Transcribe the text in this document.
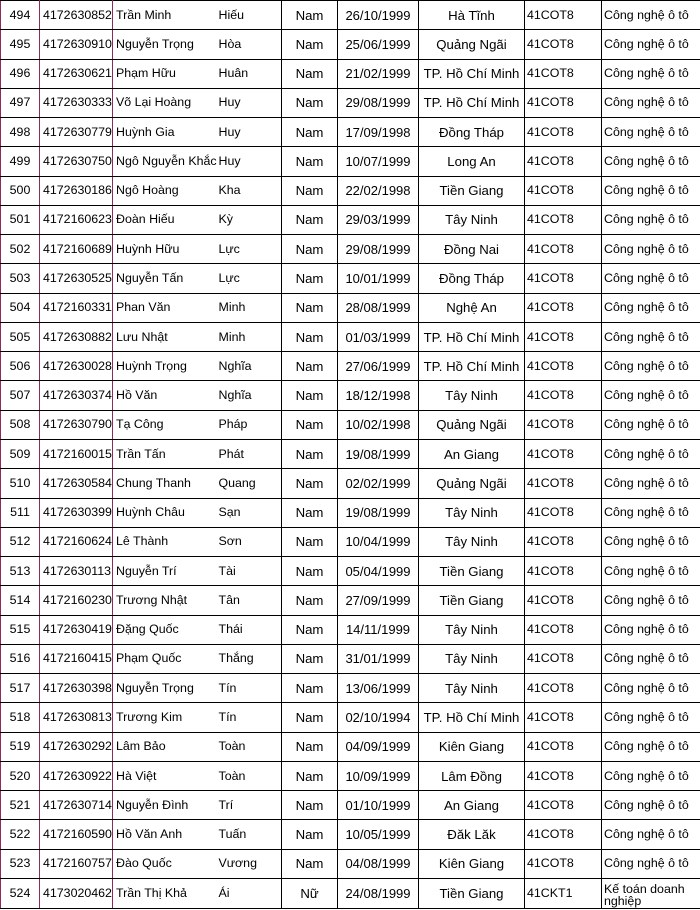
494	4172630852	Trần Minh	Hiếu	Nam	26/10/1999	Hà Tĩnh	41COT8	Công nghệ ô tô
495	4172630910	Nguyễn Trọng	Hòa	Nam	25/06/1999	Quảng Ngãi	41COT8	Công nghệ ô tô
496	4172630621	Phạm Hữu	Huân	Nam	21/02/1999	TP. Hồ Chí Minh	41COT8	Công nghệ ô tô
497	4172630333	Võ Lại Hoàng	Huy	Nam	29/08/1999	TP. Hồ Chí Minh	41COT8	Công nghệ ô tô
498	4172630779	Huỳnh Gia	Huy	Nam	17/09/1998	Đồng Tháp	41COT8	Công nghệ ô tô
499	4172630750	Ngô Nguyễn Khắc	Huy	Nam	10/07/1999	Long An	41COT8	Công nghệ ô tô
500	4172630186	Ngô Hoàng	Kha	Nam	22/02/1998	Tiền Giang	41COT8	Công nghệ ô tô
501	4172160623	Đoàn Hiếu	Kỳ	Nam	29/03/1999	Tây Ninh	41COT8	Công nghệ ô tô
502	4172160689	Huỳnh Hữu	Lực	Nam	29/08/1999	Đồng Nai	41COT8	Công nghệ ô tô
503	4172630525	Nguyễn Tấn	Lực	Nam	10/01/1999	Đồng Tháp	41COT8	Công nghệ ô tô
504	4172160331	Phan Văn	Minh	Nam	28/08/1999	Nghệ An	41COT8	Công nghệ ô tô
505	4172630882	Lưu Nhật	Minh	Nam	01/03/1999	TP. Hồ Chí Minh	41COT8	Công nghệ ô tô
506	4172630028	Huỳnh Trọng	Nghĩa	Nam	27/06/1999	TP. Hồ Chí Minh	41COT8	Công nghệ ô tô
507	4172630374	Hồ Văn	Nghĩa	Nam	18/12/1998	Tây Ninh	41COT8	Công nghệ ô tô
508	4172630790	Tạ Công	Pháp	Nam	10/02/1998	Quảng Ngãi	41COT8	Công nghệ ô tô
509	4172160015	Trần Tấn	Phát	Nam	19/08/1999	An Giang	41COT8	Công nghệ ô tô
510	4172630584	Chung Thanh	Quang	Nam	02/02/1999	Quảng Ngãi	41COT8	Công nghệ ô tô
511	4172630399	Huỳnh Châu	Sạn	Nam	19/08/1999	Tây Ninh	41COT8	Công nghệ ô tô
512	4172160624	Lê Thành	Sơn	Nam	10/04/1999	Tây Ninh	41COT8	Công nghệ ô tô
513	4172630113	Nguyễn Trí	Tài	Nam	05/04/1999	Tiền Giang	41COT8	Công nghệ ô tô
514	4172160230	Trương Nhật	Tân	Nam	27/09/1999	Tiền Giang	41COT8	Công nghệ ô tô
515	4172630419	Đặng Quốc	Thái	Nam	14/11/1999	Tây Ninh	41COT8	Công nghệ ô tô
516	4172160415	Phạm Quốc	Thắng	Nam	31/01/1999	Tây Ninh	41COT8	Công nghệ ô tô
517	4172630398	Nguyễn Trọng	Tín	Nam	13/06/1999	Tây Ninh	41COT8	Công nghệ ô tô
518	4172630813	Trương Kim	Tín	Nam	02/10/1994	TP. Hồ Chí Minh	41COT8	Công nghệ ô tô
519	4172630292	Lâm Bảo	Toàn	Nam	04/09/1999	Kiên Giang	41COT8	Công nghệ ô tô
520	4172630922	Hà Việt	Toàn	Nam	10/09/1999	Lâm Đồng	41COT8	Công nghệ ô tô
521	4172630714	Nguyễn Đình	Trí	Nam	01/10/1999	An Giang	41COT8	Công nghệ ô tô
522	4172160590	Hồ Văn Anh	Tuấn	Nam	10/05/1999	Đăk Lăk	41COT8	Công nghệ ô tô
523	4172160757	Đào Quốc	Vương	Nam	04/08/1999	Kiên Giang	41COT8	Công nghệ ô tô
524	4173020462	Trần Thị Khả	Ái	Nữ	24/08/1999	Tiền Giang	41CKT1	Kế toán doanh nghiệp
